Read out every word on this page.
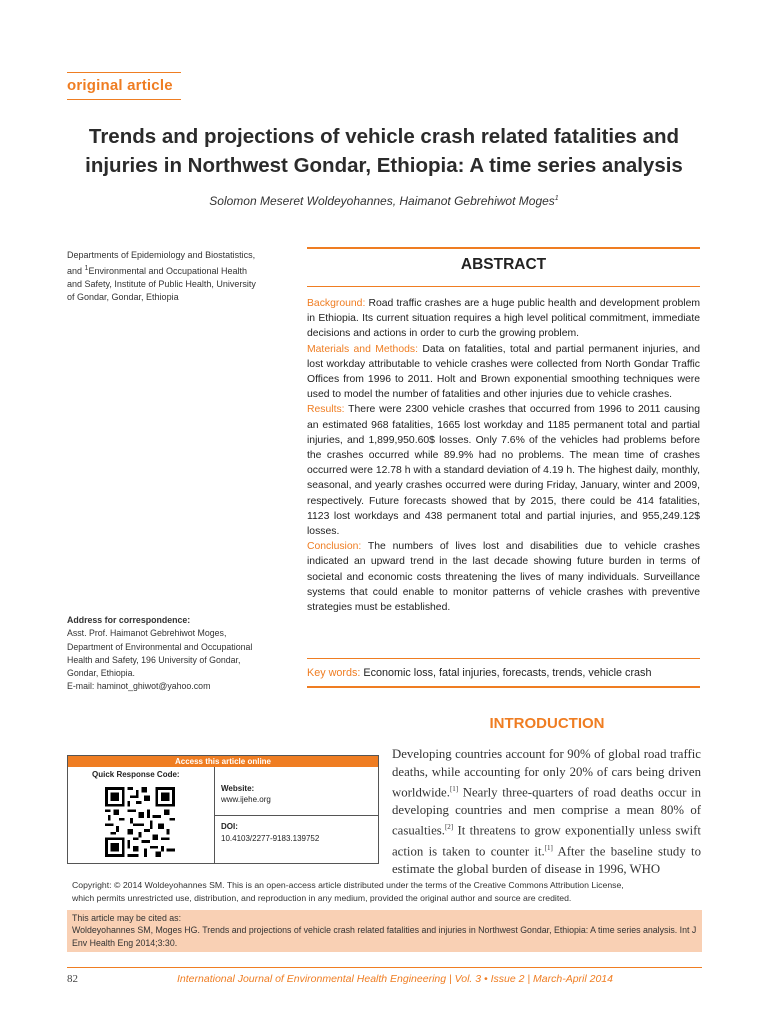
original article
Trends and projections of vehicle crash related fatalities and
injuries in Northwest Gondar, Ethiopia: A time series analysis
Solomon Meseret Woldeyohannes, Haimanot Gebrehiwot Moges$^1$
Departments of Epidemiology and Biostatistics,
and $^1$Environmental and Occupational Health
and Safety, Institute of Public Health, University
of Gondar, Gondar, Ethiopia
ABSTRACT

Background: Road traffic crashes are a huge public health and development problem in Ethiopia. Its current situation requires a high level political commitment, immediate decisions and actions in order to curb the growing problem.

Materials and Methods: Data on fatalities, total and partial permanent injuries, and lost workday attributable to vehicle crashes were collected from North Gondar Traffic Offices from 1996 to 2011. Holt and Brown exponential smoothing techniques were used to model the number of fatalities and other injuries due to vehicle crashes.

Results: There were 2300 vehicle crashes that occurred from 1996 to 2011 causing an estimated 968 fatalities, 1665 lost workday and 1185 permanent total and partial injuries, and 1,899,950.60$ losses. Only 7.6% of the vehicles had problems before the crashes occurred while 89.9% had no problems. The mean time of crashes occurred were 12.78 h with a standard deviation of 4.19 h. The highest daily, monthly, seasonal, and yearly crashes occurred were during Friday, January, winter and 2009, respectively. Future forecasts showed that by 2015, there could be 414 fatalities, 1123 lost workdays and 438 permanent total and partial injuries, and 955,249.12$ losses.

Conclusion: The numbers of lives lost and disabilities due to vehicle crashes indicated an upward trend in the last decade showing future burden in terms of societal and economic costs threatening the lives of many individuals. Surveillance systems that could enable to monitor patterns of vehicle crashes with preventive strategies must be established.

Key words: Economic loss, fatal injuries, forecasts, trends, vehicle crash
Address for correspondence:
Asst. Prof. Haimanot Gebrehiwot Moges,
Department of Environmental and Occupational
Health and Safety, 196 University of Gondar,
Gondar, Ethiopia.
E-mail: haminot_ghiwot@yahoo.com
INTRODUCTION
Developing countries account for 90% of global road traffic deaths, while accounting for only 20% of cars being driven worldwide.[1] Nearly three-quarters of road deaths occur in developing countries and men comprise a mean 80% of casualties.[2] It threatens to grow exponentially unless swift action is taken to counter it.[1] After the baseline study to estimate the global burden of disease in 1996, WHO
Access this article online
Quick Response Code:
Website:
www.ijehe.org
DOI:
10.4103/2277-9183.139752
Copyright: © 2014 Woldeyohannes SM. This is an open-access article distributed under the terms of the Creative Commons Attribution License,
which permits unrestricted use, distribution, and reproduction in any medium, provided the original author and source are credited.
This article may be cited as:
Woldeyohannes SM, Moges HG. Trends and projections of vehicle crash related fatalities and injuries in Northwest Gondar, Ethiopia: A time series analysis. Int J Env Health Eng 2014;3:30.
82	International Journal of Environmental Health Engineering | Vol. 3 • Issue 2 | March-April 2014
